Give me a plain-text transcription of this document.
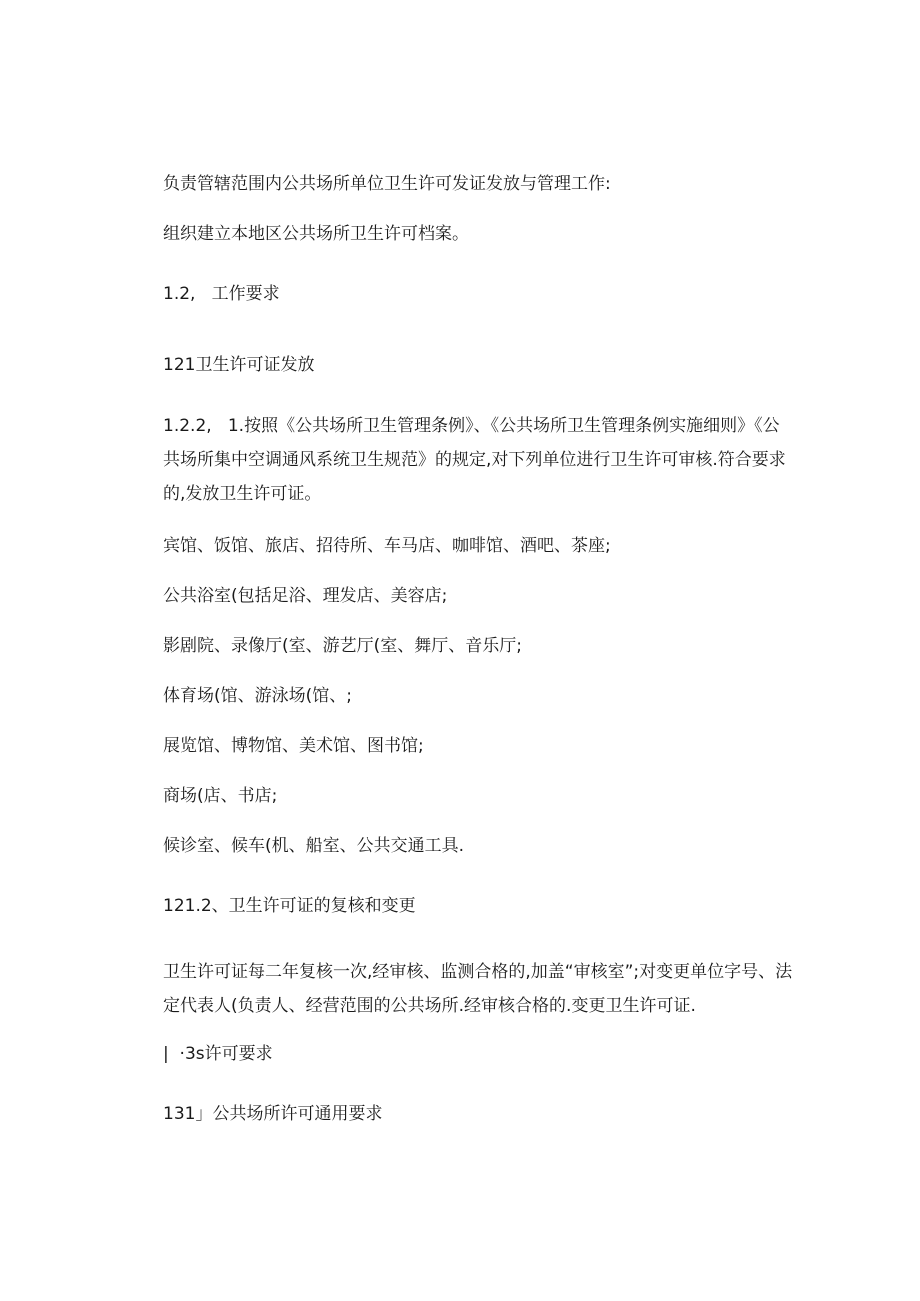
负责管辖范围内公共场所单位卫生许可发证发放与管理工作:

组织建立本地区公共场所卫生许可档案。

1.2,   工作要求

121卫生许可证发放

1.2.2,   1.按照《公共场所卫生管理条例》、《公共场所卫生管理条例实施细则》《公共场所集中空调通风系统卫生规范》的规定,对下列单位进行卫生许可审核.符合要求的,发放卫生许可证。

宾馆、饭馆、旅店、招待所、车马店、咖啡馆、酒吧、茶座;

公共浴室(包括足浴、理发店、美容店;

影剧院、录像厅(室、游艺厅(室、舞厅、音乐厅;

体育场(馆、游泳场(馆、;

展览馆、博物馆、美术馆、图书馆;

商场(店、书店;

候诊室、候车(机、船室、公共交通工具.

121.2、卫生许可证的复核和变更

卫生许可证每二年复核一次,经审核、监测合格的,加盖“审核室”;对变更单位字号、法定代表人(负责人、经营范围的公共场所.经审核合格的.变更卫生许可证.

|  ·3s许可要求

131」公共场所许可通用要求
